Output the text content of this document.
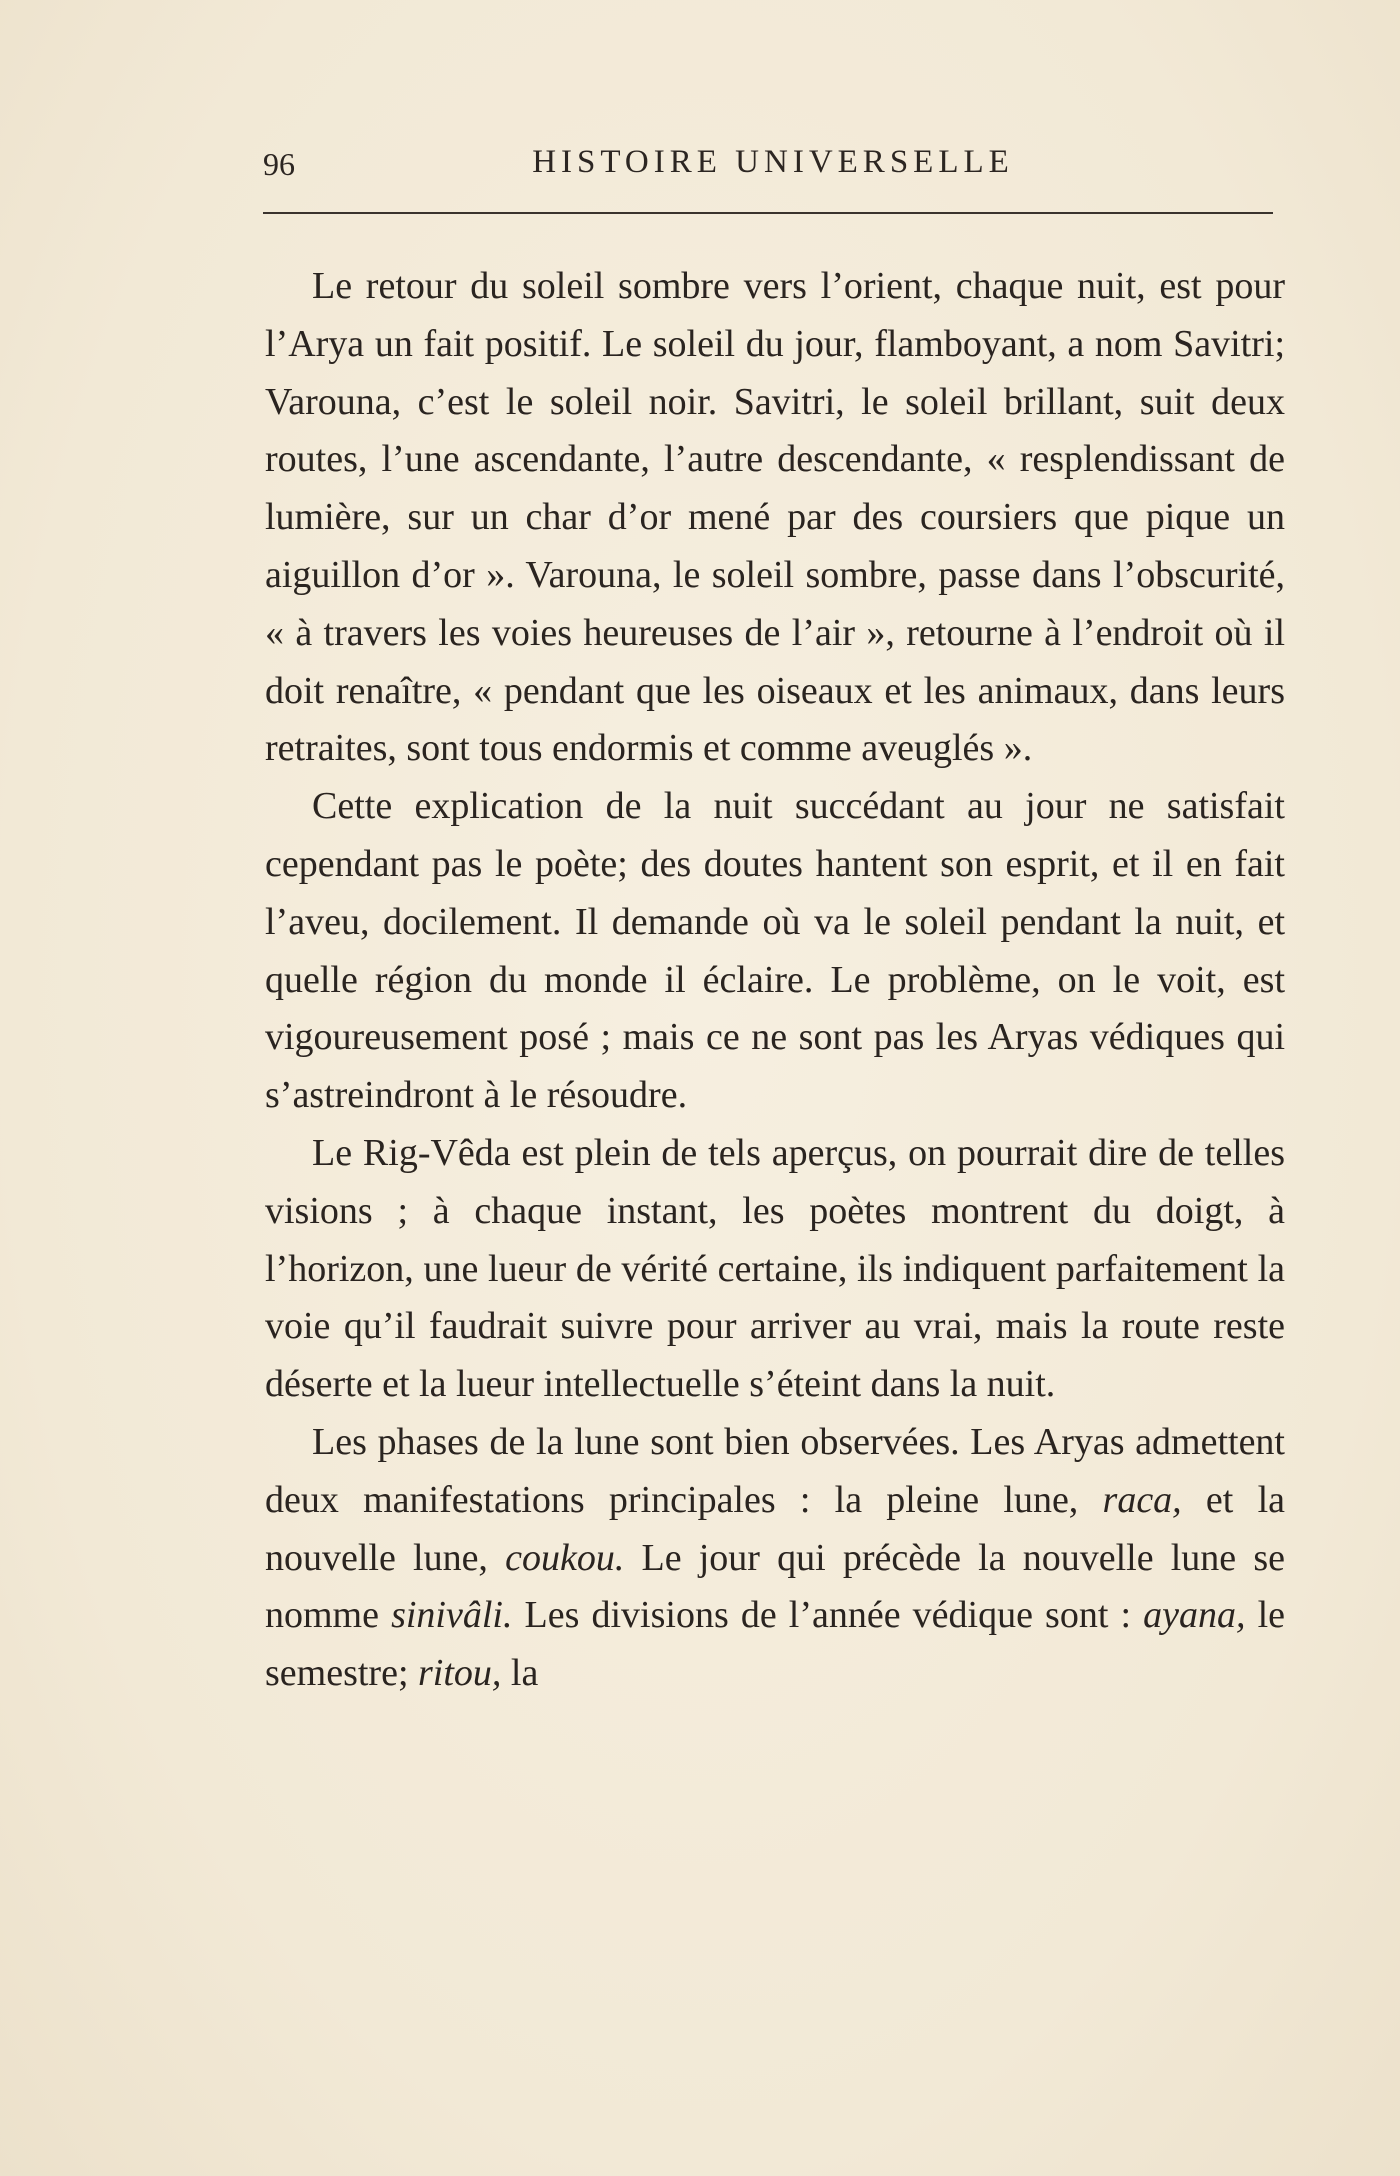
96	HISTOIRE UNIVERSELLE

Le retour du soleil sombre vers l’orient, chaque nuit, est pour l’Arya un fait positif. Le soleil du jour, flamboyant, a nom Savitri; Varouna, c’est le soleil noir. Savitri, le soleil brillant, suit deux routes, l’une ascendante, l’autre descendante, « resplendissant de lumière, sur un char d’or mené par des coursiers que pique un aiguillon d’or ». Varouna, le soleil sombre, passe dans l’obscurité, « à travers les voies heureuses de l’air », retourne à l’endroit où il doit renaître, « pendant que les oiseaux et les animaux, dans leurs retraites, sont tous endormis et comme aveuglés ».

Cette explication de la nuit succédant au jour ne satisfait cependant pas le poète; des doutes hantent son esprit, et il en fait l’aveu, docilement. Il demande où va le soleil pendant la nuit, et quelle région du monde il éclaire. Le problème, on le voit, est vigoureusement posé ; mais ce ne sont pas les Aryas védiques qui s’astreindront à le résoudre.

Le Rig-Vêda est plein de tels aperçus, on pourrait dire de telles visions ; à chaque instant, les poètes montrent du doigt, à l’horizon, une lueur de vérité certaine, ils indiquent parfaitement la voie qu’il faudrait suivre pour arriver au vrai, mais la route reste déserte et la lueur intellectuelle s’éteint dans la nuit.

Les phases de la lune sont bien observées. Les Aryas admettent deux manifestations principales : la pleine lune, raca, et la nouvelle lune, coukou. Le jour qui précède la nouvelle lune se nomme sinivâli. Les divisions de l’année védique sont : ayana, le semestre; ritou, la
